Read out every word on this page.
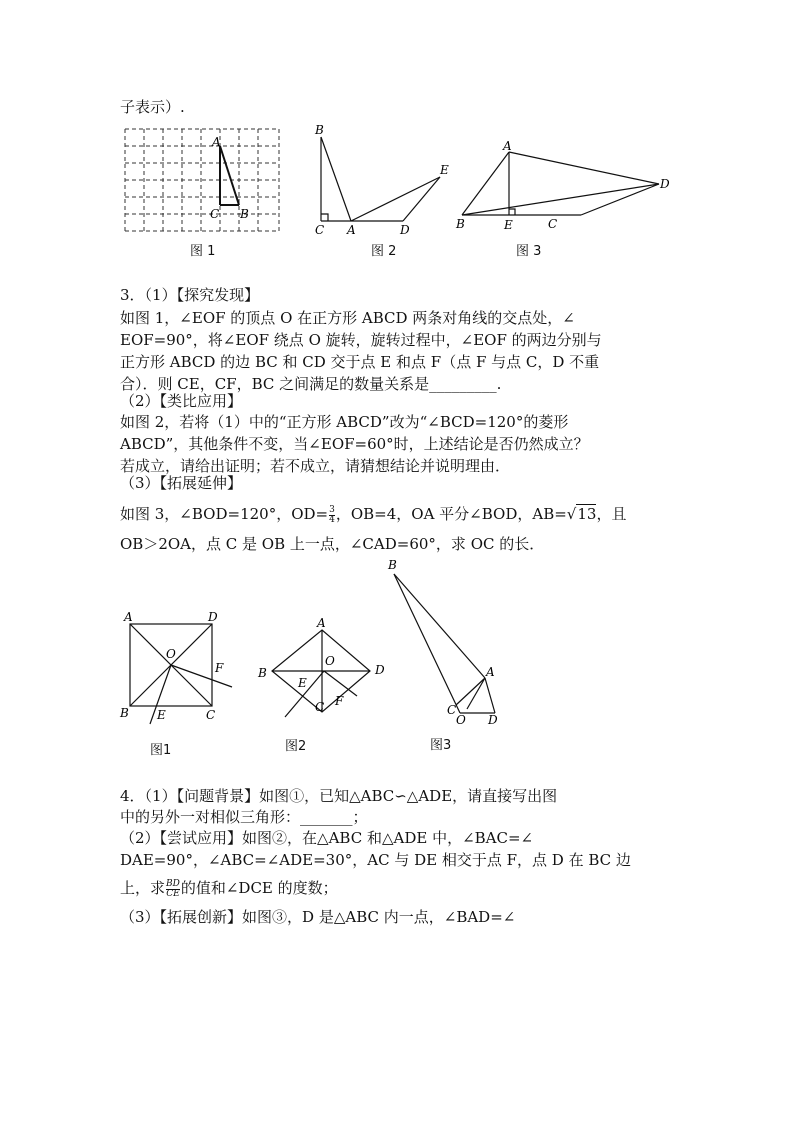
子表示）.
A
C B
图 1
B
C A	D
E
图 2
A
D
B	E	C
图 3
3．（1）【探究发现】
如图 1，∠EOF 的顶点 O 在正方形 ABCD 两条对角线的交点处，∠
EOF=90°，将∠EOF 绕点 O 旋转，旋转过程中，∠EOF 的两边分别与
正方形 ABCD 的边 BC 和 CD 交于点 E 和点 F（点 F 与点 C，D 不重
合）．则 CE，CF，BC 之间满足的数量关系是_________.
（2）【类比应用】
如图 2，若将（1）中的“正方形 ABCD”改为“∠BCD=120°的菱形
ABCD”，其他条件不变，当∠EOF=60°时，上述结论是否仍然成立？
若成立，请给出证明；若不成立，请猜想结论并说明理由．
（3）【拓展延伸】
如图 3，∠BOD=120°，$OD= \frac{3}{4}$ ，OB=4，OA 平分∠BOD，AB=√13，且
OB＞2OA，点 C 是 OB 上一点，∠CAD=60°，求 OC 的长．
A	D
O
F
B E	C
图1
A
O
B	D
E
F
C
图2
B
A
C
O D
图3
4．（1）【问题背景】如图①，已知△ABC∽△ADE，请直接写出图
中的另外一对相似三角形：_______；
（2）【尝试应用】如图②，在△ABC 和△ADE 中，∠BAC=∠
DAE=90°，∠ABC=∠ADE=30°，AC 与 DE 相交于点 F，点 D 在 BC 边
上，求 $\frac{BD}{CE}$ 的值和∠DCE 的度数；
（3）【拓展创新】如图③，D 是△ABC 内一点，∠BAD=∠
